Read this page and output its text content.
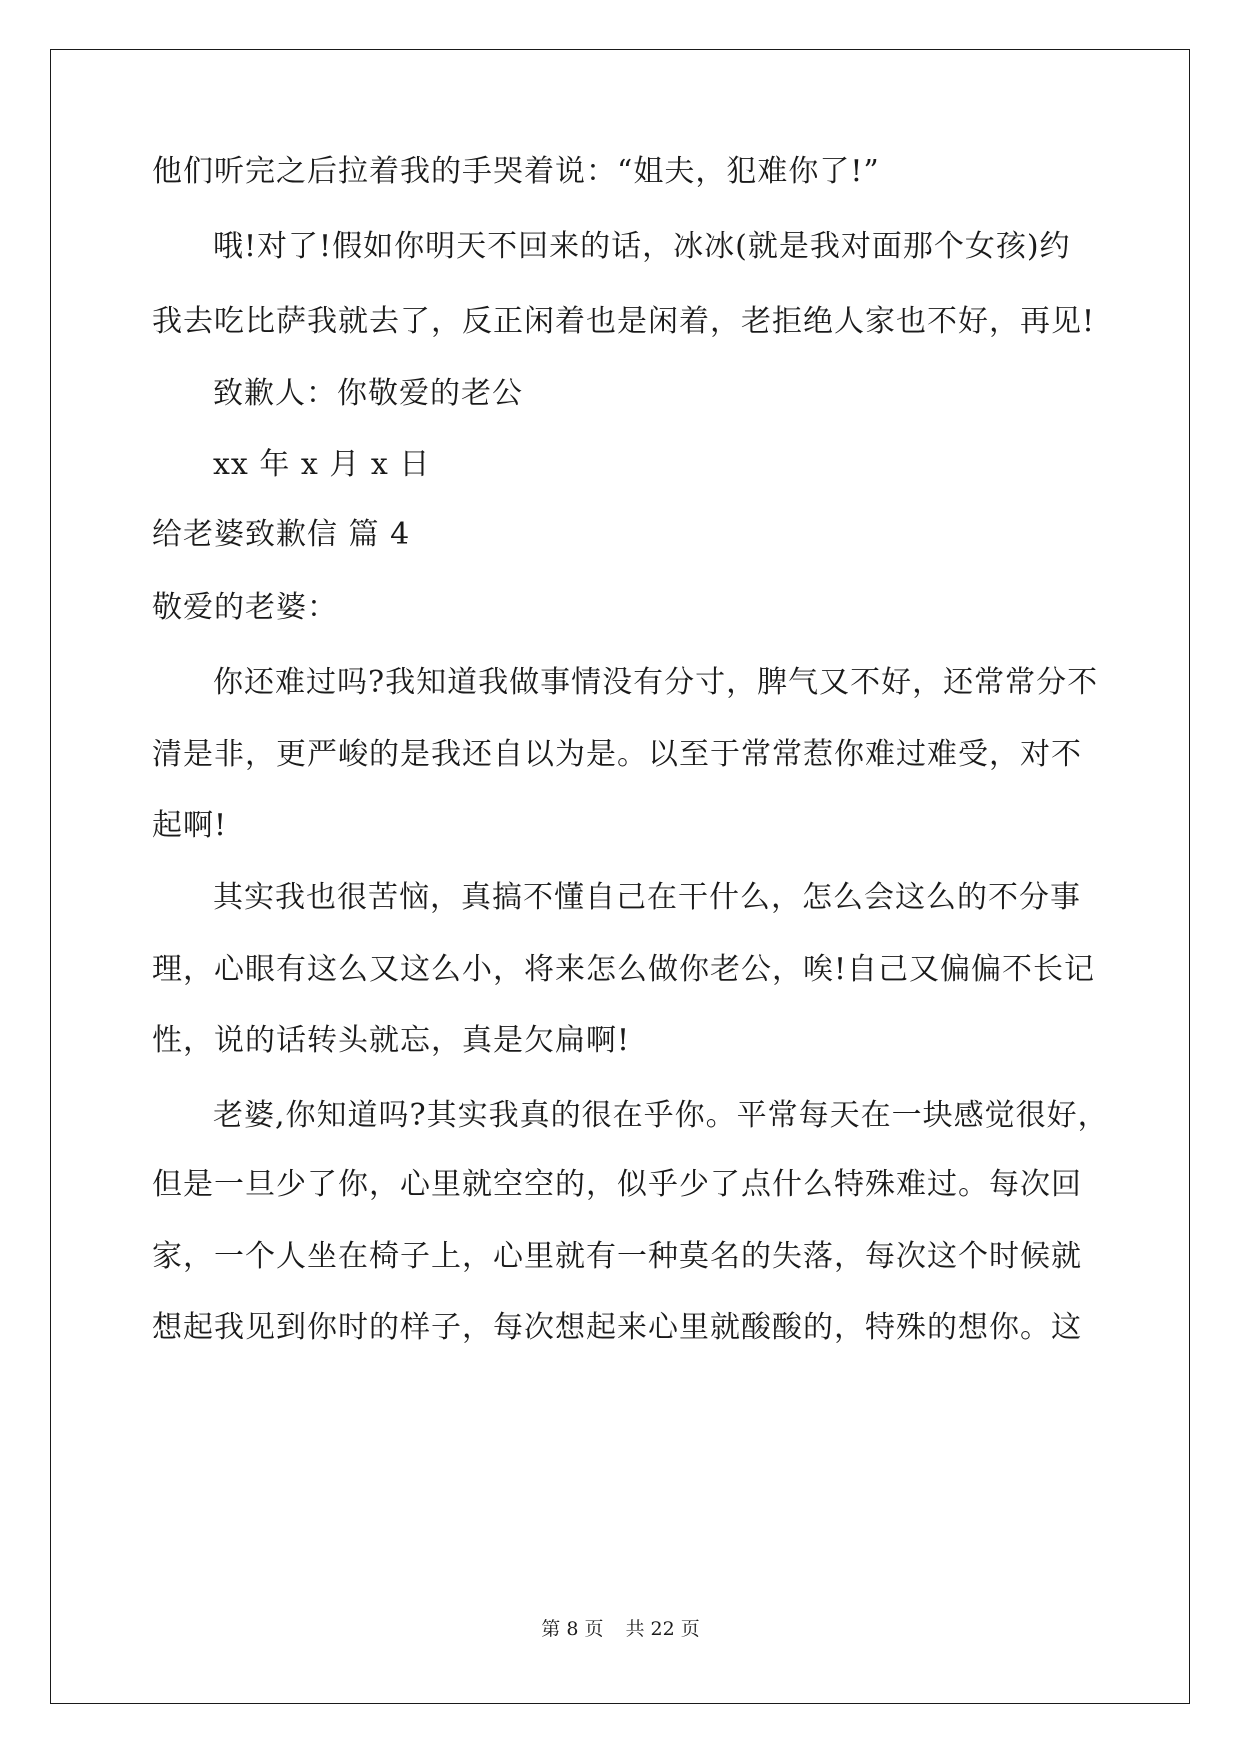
他们听完之后拉着我的手哭着说：“姐夫，犯难你了!”
哦!对了!假如你明天不回来的话，冰冰(就是我对面那个女孩)约
我去吃比萨我就去了，反正闲着也是闲着，老拒绝人家也不好，再见!
致歉人：你敬爱的老公
xx 年 x 月 x 日
给老婆致歉信 篇 4
敬爱的老婆：
你还难过吗?我知道我做事情没有分寸，脾气又不好，还常常分不
清是非，更严峻的是我还自以为是。以至于常常惹你难过难受，对不
起啊!
其实我也很苦恼，真搞不懂自己在干什么，怎么会这么的不分事
理，心眼有这么又这么小，将来怎么做你老公，唉!自己又偏偏不长记
性，说的话转头就忘，真是欠扁啊!
老婆,你知道吗?其实我真的很在乎你。平常每天在一块感觉很好，
但是一旦少了你，心里就空空的，似乎少了点什么特殊难过。每次回
家，一个人坐在椅子上，心里就有一种莫名的失落，每次这个时候就
想起我见到你时的样子，每次想起来心里就酸酸的，特殊的想你。这
第 8 页 共 22 页
